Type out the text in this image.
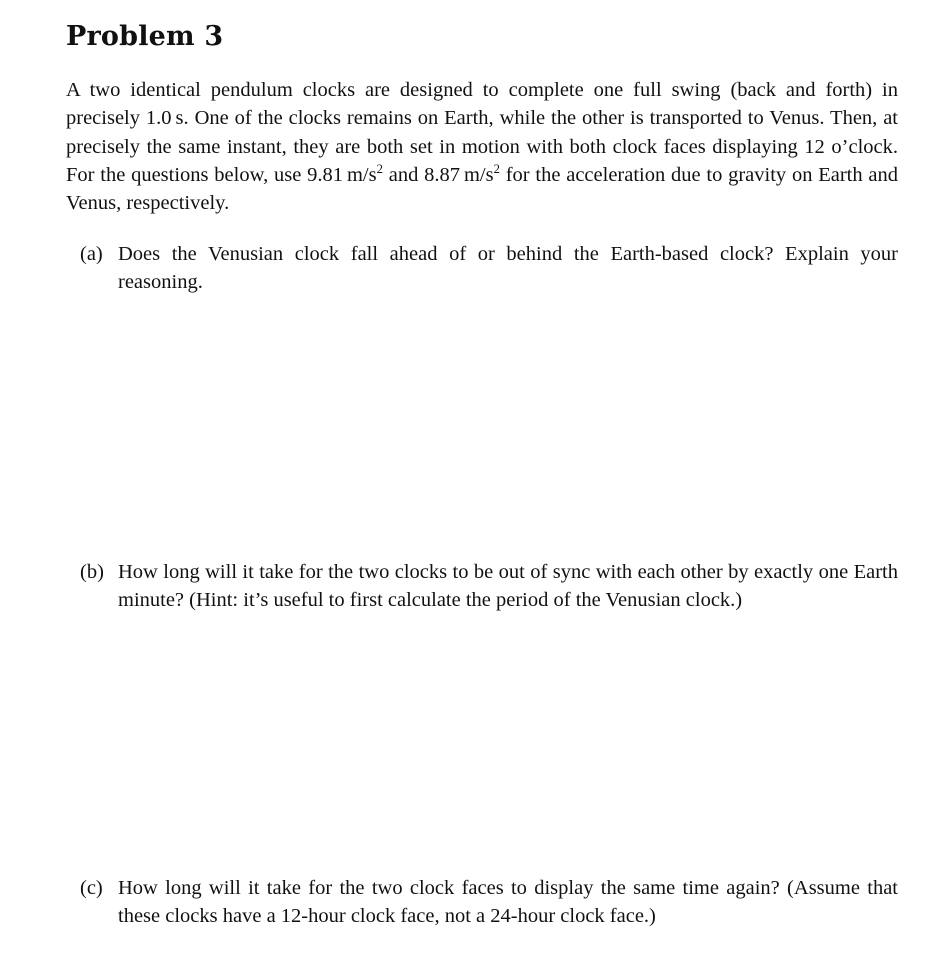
Problem 3

A two identical pendulum clocks are designed to complete one full swing (back and forth) in precisely 1.0 s. One of the clocks remains on Earth, while the other is transported to Venus. Then, at precisely the same instant, they are both set in motion with both clock faces displaying 12 o’clock. For the questions below, use 9.81 $m/s^2$ and 8.87 $m/s^2$ for the acceleration due to gravity on Earth and Venus, respectively.

(a) Does the Venusian clock fall ahead of or behind the Earth-based clock? Explain your reasoning.
(b) How long will it take for the two clocks to be out of sync with each other by exactly one Earth minute? (Hint: it’s useful to first calculate the period of the Venusian clock.)
(c) How long will it take for the two clock faces to display the same time again? (Assume that these clocks have a 12-hour clock face, not a 24-hour clock face.)
